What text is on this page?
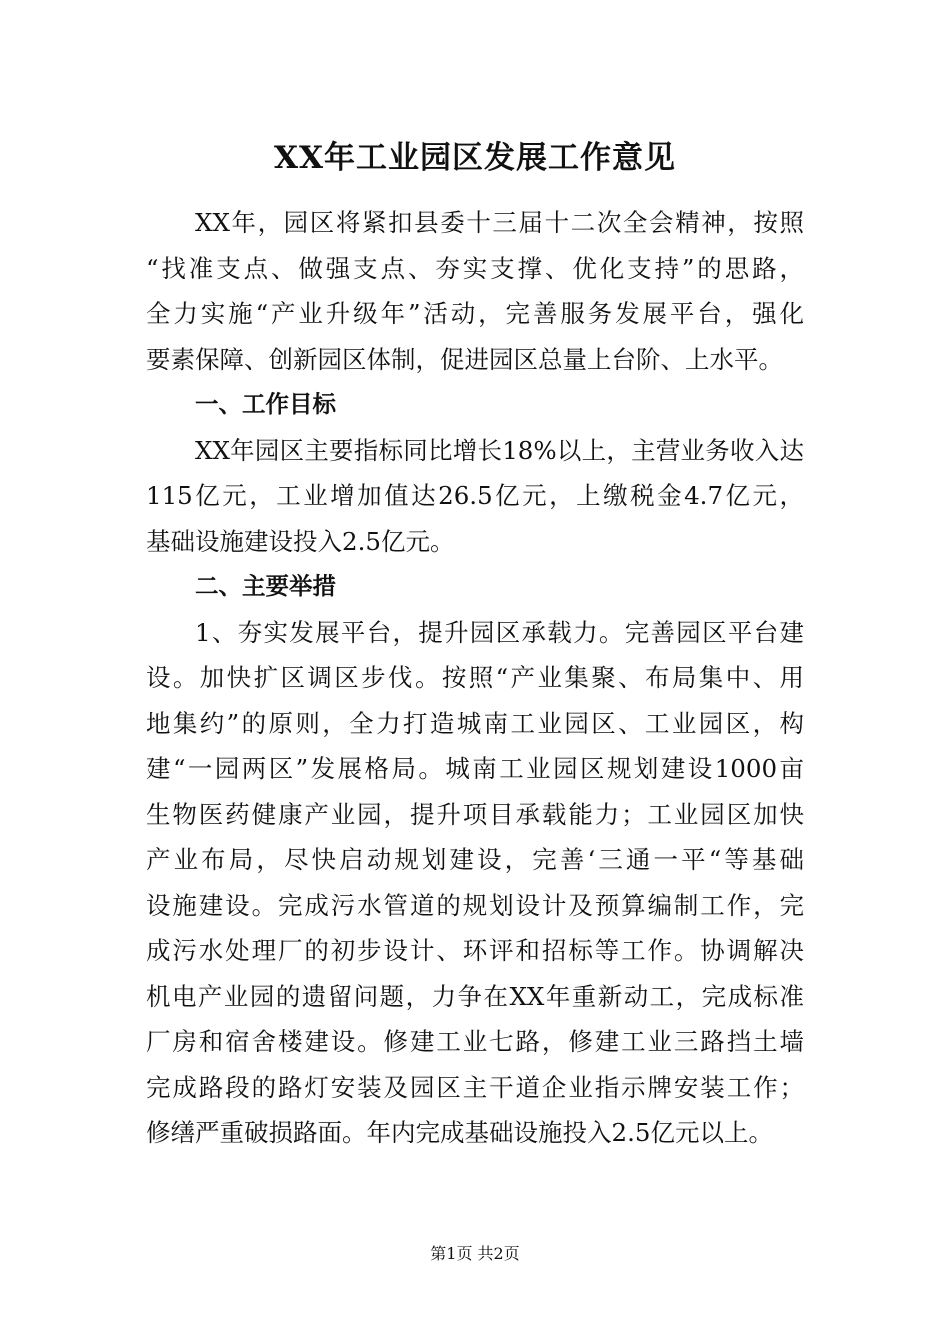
XX年工业园区发展工作意见
XX年，园区将紧扣县委十三届十二次全会精神，按照
“找准支点、做强支点、夯实支撑、优化支持”的思路，
全力实施“产业升级年”活动，完善服务发展平台，强化
要素保障、创新园区体制，促进园区总量上台阶、上水平。
一、工作目标
XX年园区主要指标同比增长18%以上，主营业务收入达
115亿元，工业增加值达26.5亿元，上缴税金4.7亿元，
基础设施建设投入2.5亿元。
二、主要举措
1、夯实发展平台，提升园区承载力。完善园区平台建
设。加快扩区调区步伐。按照“产业集聚、布局集中、用
地集约”的原则，全力打造城南工业园区、工业园区，构
建“一园两区”发展格局。城南工业园区规划建设1000亩
生物医药健康产业园，提升项目承载能力；工业园区加快
产业布局，尽快启动规划建设，完善‘三通一平“等基础
设施建设。完成污水管道的规划设计及预算编制工作，完
成污水处理厂的初步设计、环评和招标等工作。协调解决
机电产业园的遗留问题，力争在XX年重新动工，完成标准
厂房和宿舍楼建设。修建工业七路，修建工业三路挡土墙
完成路段的路灯安装及园区主干道企业指示牌安装工作；
修缮严重破损路面。年内完成基础设施投入2.5亿元以上。
第1页 共2页
